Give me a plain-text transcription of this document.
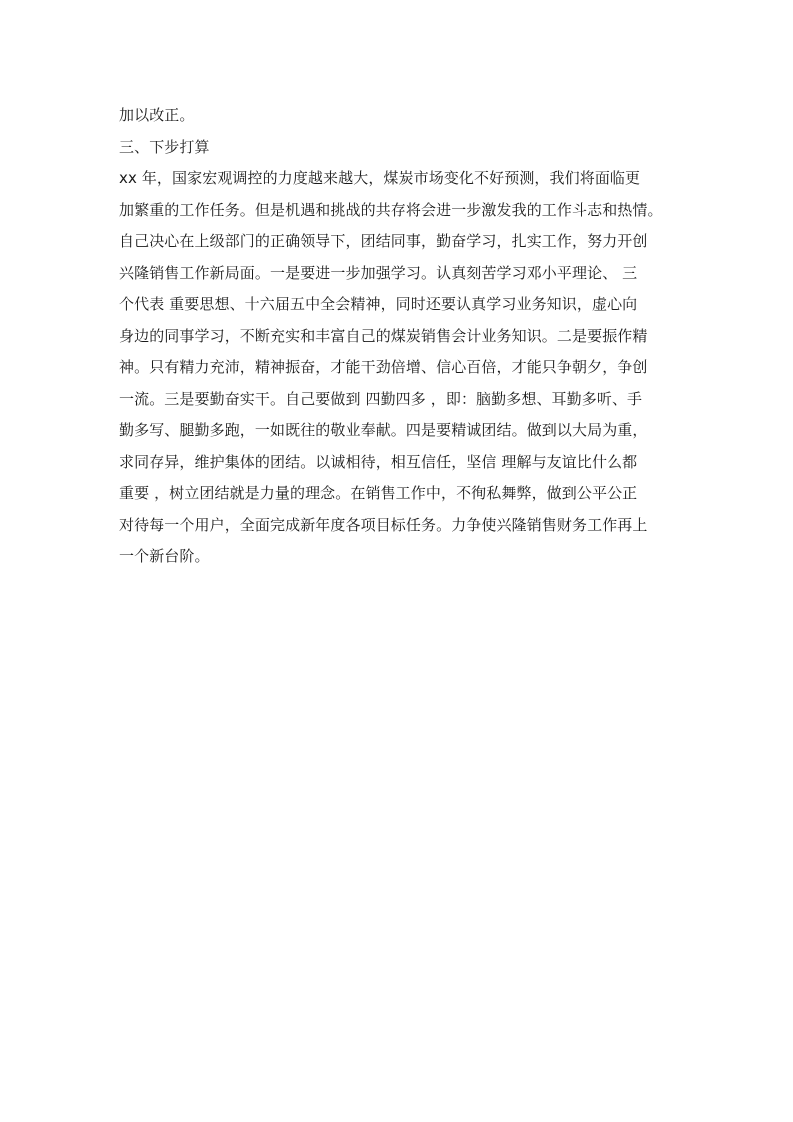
加以改正。
三、下步打算
xx 年，国家宏观调控的力度越来越大，煤炭市场变化不好预测，我们将面临更
加繁重的工作任务。但是机遇和挑战的共存将会进一步激发我的工作斗志和热情。
自己决心在上级部门的正确领导下，团结同事，勤奋学习，扎实工作，努力开创
兴隆销售工作新局面。一是要进一步加强学习。认真刻苦学习邓小平理论、 三
个代表 重要思想、十六届五中全会精神，同时还要认真学习业务知识，虚心向
身边的同事学习，不断充实和丰富自己的煤炭销售会计业务知识。二是要振作精
神。只有精力充沛，精神振奋，才能干劲倍增、信心百倍，才能只争朝夕，争创
一流。三是要勤奋实干。自己要做到 四勤四多 ，即：脑勤多想、耳勤多听、手
勤多写、腿勤多跑，一如既往的敬业奉献。四是要精诚团结。做到以大局为重，
求同存异，维护集体的团结。以诚相待，相互信任，坚信 理解与友谊比什么都
重要 ，树立团结就是力量的理念。在销售工作中，不徇私舞弊，做到公平公正
对待每一个用户，全面完成新年度各项目标任务。力争使兴隆销售财务工作再上
一个新台阶。
